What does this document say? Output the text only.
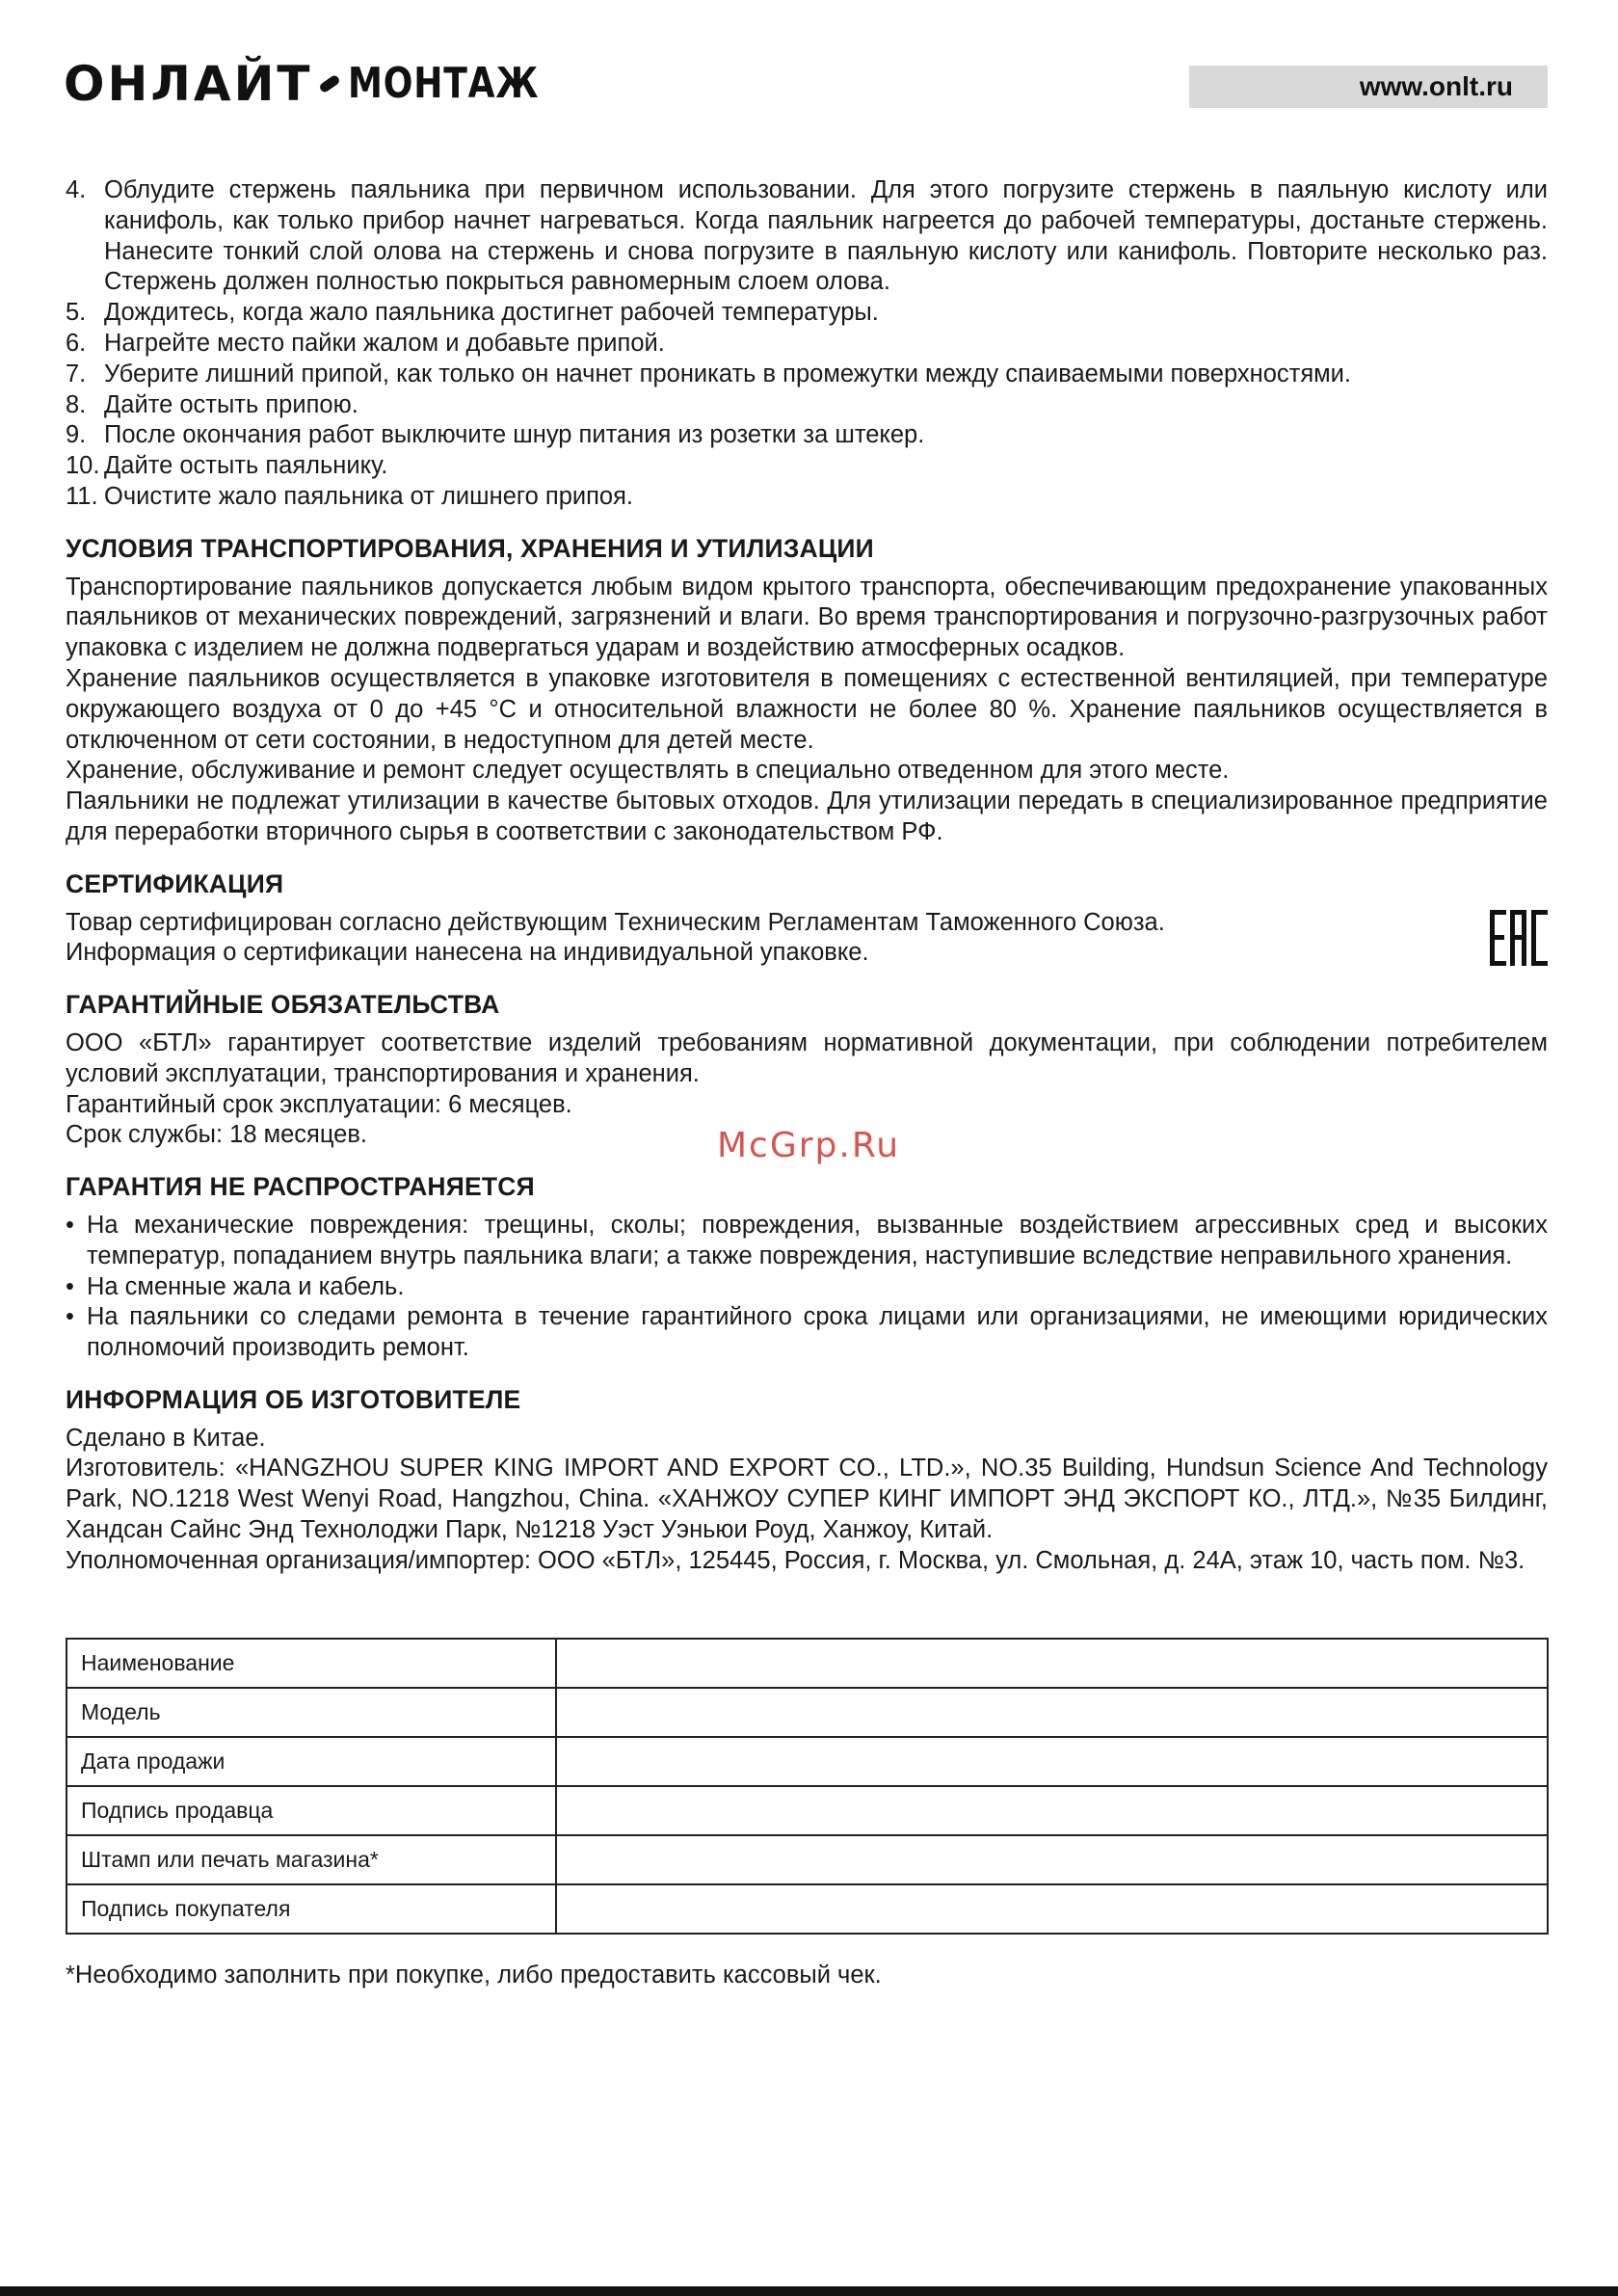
ОНЛАЙТ МОНТАЖ	www.onlt.ru
4. Облудите стержень паяльника при первичном использовании. Для этого погрузите стержень в паяльную кислоту или канифоль, как только прибор начнет нагреваться. Когда паяльник нагреется до рабочей температуры, достаньте стержень. Нанесите тонкий слой олова на стержень и снова погрузите в паяльную кислоту или канифоль. Повторите несколько раз. Стержень должен полностью покрыться равномерным слоем олова.
5. Дождитесь, когда жало паяльника достигнет рабочей температуры.
6. Нагрейте место пайки жалом и добавьте припой.
7. Уберите лишний припой, как только он начнет проникать в промежутки между спаиваемыми поверхностями.
8. Дайте остыть припою.
9. После окончания работ выключите шнур питания из розетки за штекер.
10. Дайте остыть паяльнику.
11. Очистите жало паяльника от лишнего припоя.
УСЛОВИЯ ТРАНСПОРТИРОВАНИЯ, ХРАНЕНИЯ И УТИЛИЗАЦИИ

Транспортирование паяльников допускается любым видом крытого транспорта, обеспечивающим предохранение упакованных паяльников от механических повреждений, загрязнений и влаги. Во время транспортирования и погрузочно-разгрузочных работ упаковка с изделием не должна подвергаться ударам и воздействию атмосферных осадков.

Хранение паяльников осуществляется в упаковке изготовителя в помещениях с естественной вентиляцией, при температуре окружающего воздуха от 0 до +45 °С и относительной влажности не более 80 %. Хранение паяльников осуществляется в отключенном от сети состоянии, в недоступном для детей месте.

Хранение, обслуживание и ремонт следует осуществлять в специально отведенном для этого месте.

Паяльники не подлежат утилизации в качестве бытовых отходов. Для утилизации передать в специализированное предприятие для переработки вторичного сырья в соответствии с законодательством РФ.

СЕРТИФИКАЦИЯ

Товар сертифицирован согласно действующим Техническим Регламентам Таможенного Союза.

Информация о сертификации нанесена на индивидуальной упаковке.

ГАРАНТИЙНЫЕ ОБЯЗАТЕЛЬСТВА

ООО «БТЛ» гарантирует соответствие изделий требованиям нормативной документации, при соблюдении потребителем условий эксплуатации, транспортирования и хранения.

Гарантийный срок эксплуатации: 6 месяцев.

Срок службы: 18 месяцев.

ГАРАНТИЯ НЕ РАСПРОСТРАНЯЕТСЯ
• На механические повреждения: трещины, сколы; повреждения, вызванные воздействием агрессивных сред и высоких температур, попаданием внутрь паяльника влаги; а также повреждения, наступившие вследствие неправильного хранения.
• На сменные жала и кабель.
• На паяльники со следами ремонта в течение гарантийного срока лицами или организациями, не имеющими юридических полномочий производить ремонт.
ИНФОРМАЦИЯ ОБ ИЗГОТОВИТЕЛЕ

Сделано в Китае.

Изготовитель: «HANGZHOU SUPER KING IMPORT AND EXPORT CO., LTD.», NO.35 Building, Hundsun Science And Technology Park, NO.1218 West Wenyi Road, Hangzhou, China. «ХАНЖОУ СУПЕР КИНГ ИМПОРТ ЭНД ЭКСПОРТ КО., ЛТД.», №35 Билдинг, Хандсан Сайнс Энд Технолоджи Парк, №1218 Уэст Уэньюи Роуд, Ханжоу, Китай.

Уполномоченная организация/импортер: ООО «БТЛ», 125445, Россия, г. Москва, ул. Смольная, д. 24А, этаж 10, часть пом. №3.

McGrp.Ru
Наименование	
Модель	
Дата продажи	
Подпись продавца	
Штамп или печать магазина*	
Подпись покупателя	
*Необходимо заполнить при покупке, либо предоставить кассовый чек.
